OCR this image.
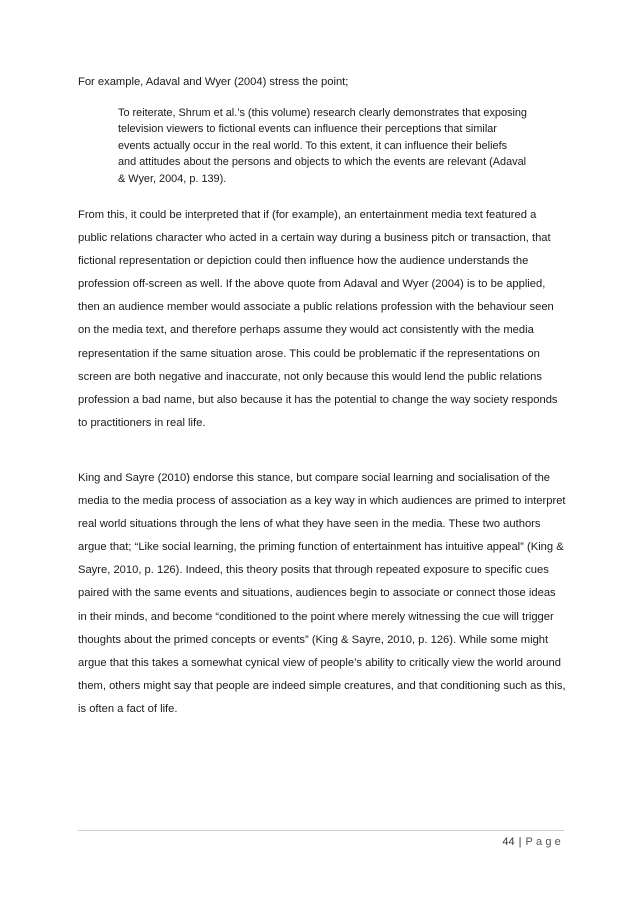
For example, Adaval and Wyer (2004) stress the point;

To reiterate, Shrum et al.’s (this volume) research clearly demonstrates that exposing television viewers to fictional events can influence their perceptions that similar events actually occur in the real world. To this extent, it can influence their beliefs and attitudes about the persons and objects to which the events are relevant (Adaval & Wyer, 2004, p. 139).

From this, it could be interpreted that if (for example), an entertainment media text featured a public relations character who acted in a certain way during a business pitch or transaction, that fictional representation or depiction could then influence how the audience understands the profession off-screen as well. If the above quote from Adaval and Wyer (2004) is to be applied, then an audience member would associate a public relations profession with the behaviour seen on the media text, and therefore perhaps assume they would act consistently with the media representation if the same situation arose. This could be problematic if the representations on screen are both negative and inaccurate, not only because this would lend the public relations profession a bad name, but also because it has the potential to change the way society responds to practitioners in real life.

King and Sayre (2010) endorse this stance, but compare social learning and socialisation of the media to the media process of association as a key way in which audiences are primed to interpret real world situations through the lens of what they have seen in the media. These two authors argue that; “Like social learning, the priming function of entertainment has intuitive appeal” (King & Sayre, 2010, p. 126). Indeed, this theory posits that through repeated exposure to specific cues paired with the same events and situations, audiences begin to associate or connect those ideas in their minds, and become “conditioned to the point where merely witnessing the cue will trigger thoughts about the primed concepts or events” (King & Sayre, 2010, p. 126). While some might argue that this takes a somewhat cynical view of people’s ability to critically view the world around them, others might say that people are indeed simple creatures, and that conditioning such as this, is often a fact of life.

44 | Page
